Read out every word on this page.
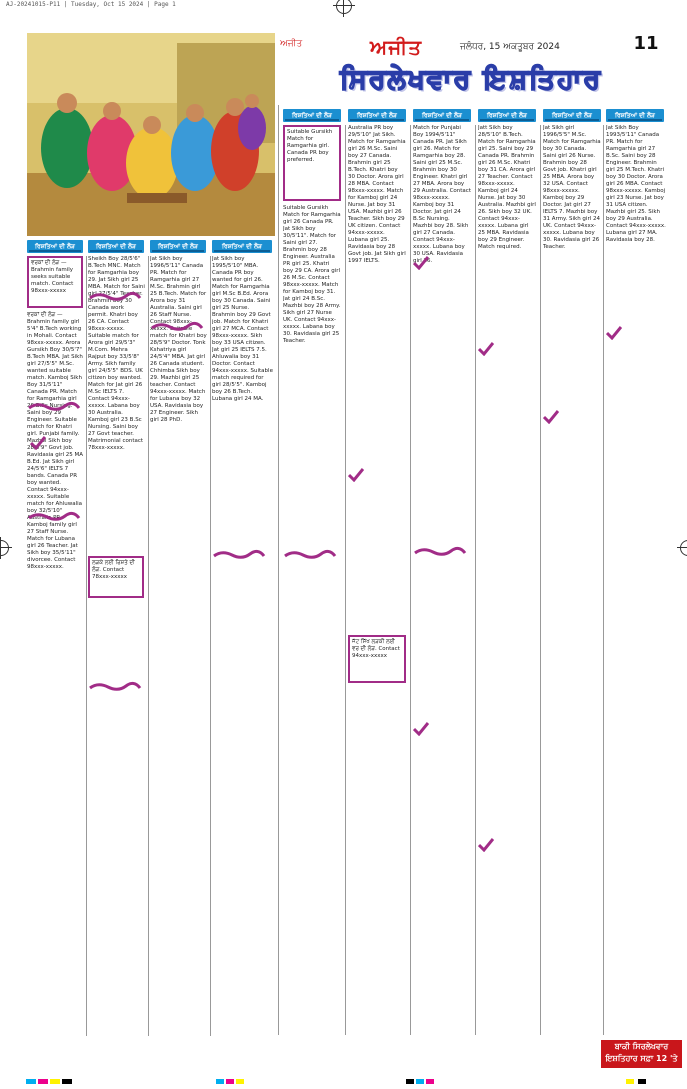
AJ-20241015-P11 | Tuesday, Oct 15 2024 | Page 1
ਅਜੀਤ	ਅਜੀਤ	ਜਲੰਧਰ, 15 ਅਕਤੂਬਰ 2024	11
ਸਿਰਲੇਖਵਾਰ ਇਸ਼ਤਿਹਾਰ
ਰਿਸ਼ਤਿਆਂ ਦੀ ਲੋੜ	ਰਿਸ਼ਤਿਆਂ ਦੀ ਲੋੜ	ਰਿਸ਼ਤਿਆਂ ਦੀ ਲੋੜ	ਰਿਸ਼ਤਿਆਂ ਦੀ ਲੋੜ	ਰਿਸ਼ਤਿਆਂ ਦੀ ਲੋੜ	ਰਿਸ਼ਤਿਆਂ ਦੀ ਲੋੜ
ਰਿਸ਼ਤਿਆਂ ਦੀ ਲੋੜ	ਰਿਸ਼ਤਿਆਂ ਦੀ ਲੋੜ	ਰਿਸ਼ਤਿਆਂ ਦੀ ਲੋੜ	ਰਿਸ਼ਤਿਆਂ ਦੀ ਲੋੜ
ਵਰਕਾਂ ਦੀ ਲੋੜ — Brahmin family seeks suitable match. Contact 98xxx-xxxxx
ਵਰਕਾਂ ਦੀ ਲੋੜ — Brahmin family girl 5'4" B.Tech working in Mohali. Contact 98xxx-xxxxx. Arora Gursikh Boy 30/5'7" B.Tech MBA. Jat Sikh girl 27/5'5" M.Sc. wanted suitable match. Kamboj Sikh Boy 31/5'11" Canada PR. Match for Ramgarhia girl 26 B.Sc Nursing. Saini boy 29 Engineer. Suitable match for Khatri girl. Punjabi family. Mazhbi Sikh boy 28/5'9" Govt job. Ravidasia girl 25 MA B.Ed. Jat Sikh girl 24/5'6" IELTS 7 bands. Canada PR boy wanted. Contact 94xxx-xxxxx. Suitable match for Ahluwalia boy 32/5'10" Australia PR. Kamboj family girl 27 Staff Nurse. Match for Lubana girl 26 Teacher. Jat Sikh boy 35/5'11" divorcee. Contact 98xxx-xxxxx.
Sheikh Boy 28/5'6" B.Tech MNC. Match for Ramgarhia boy 29. Jat Sikh girl 25 MBA. Match for Saini girl 27/5'4" Teacher. Brahmin boy 30 Canada work permit. Khatri boy 26 CA. Contact 98xxx-xxxxx. Suitable match for Arora girl 29/5'3" M.Com. Mehra Rajput boy 33/5'8" Army. Sikh family girl 24/5'5" BDS. UK citizen boy wanted. Match for Jat girl 26 M.Sc IELTS 7. Contact 94xxx-xxxxx. Labana boy 30 Australia. Kamboj girl 23 B.Sc Nursing. Saini boy 27 Govt teacher. Matrimonial contact 78xxx-xxxxx.
Jat Sikh boy 1996/5'11" Canada PR. Match for Ramgarhia girl 27 M.Sc. Brahmin girl 25 B.Tech. Match for Arora boy 31 Australia. Saini girl 26 Staff Nurse. Contact 98xxx-xxxxx. Suitable match for Khatri boy 28/5'9" Doctor. Tonk Kshatriya girl 24/5'4" MBA. Jat girl 26 Canada student. Chhimba Sikh boy 29. Mazhbi girl 25 teacher. Contact 94xxx-xxxxx. Match for Lubana boy 32 USA. Ravidasia boy 27 Engineer. Sikh girl 28 PhD.
Jat Sikh boy 1995/5'10" MBA. Canada PR boy wanted for girl 26. Match for Ramgarhia girl M.Sc B.Ed. Arora boy 30 Canada. Saini girl 25 Nurse. Brahmin boy 29 Govt job. Match for Khatri girl 27 MCA. Contact 98xxx-xxxxx. Sikh boy 33 USA citizen. Jat girl 25 IELTS 7.5. Ahluwalia boy 31 Doctor. Contact 94xxx-xxxxx. Suitable match required for girl 28/5'5". Kamboj boy 26 B.Tech. Lubana girl 24 MA.
Suitable Gursikh Match for Ramgarhia girl. Canada PR boy preferred.
Suitable Gursikh Match for Ramgarhia girl 26 Canada PR. Jat Sikh boy 30/5'11". Match for Saini girl 27. Brahmin boy 28 Engineer. Australia PR girl 25. Khatri boy 29 CA. Arora girl 26 M.Sc. Contact 98xxx-xxxxx. Match for Kamboj boy 31. Jat girl 24 B.Sc. Mazhbi boy 28 Army. Sikh girl 27 Nurse UK. Contact 94xxx-xxxxx. Labana boy 30. Ravidasia girl 25 Teacher.
Australia PR boy 29/5'10" Jat Sikh. Match for Ramgarhia girl 26 M.Sc. Saini boy 27 Canada. Brahmin girl 25 B.Tech. Khatri boy 30 Doctor. Arora girl 28 MBA. Contact 98xxx-xxxxx. Match for Kamboj girl 24 Nurse. Jat boy 31 USA. Mazhbi girl 26 Teacher. Sikh boy 29 UK citizen. Contact 94xxx-xxxxx. Lubana girl 25. Ravidasia boy 28 Govt job. Jat Sikh girl 1997 IELTS.
ਜੱਟ ਸਿੱਖ ਲੜਕੀ ਲਈ ਵਰ ਦੀ ਲੋੜ. Contact 94xxx-xxxxx
Match for Punjabi Boy 1994/5'11" Canada PR. Jat Sikh girl 26. Match for Ramgarhia boy 28. Saini girl 25 M.Sc. Brahmin boy 30 Engineer. Khatri girl 27 MBA. Arora boy 29 Australia. Contact 98xxx-xxxxx. Kamboj boy 31 Doctor. Jat girl 24 B.Sc Nursing. Mazhbi boy 28. Sikh girl 27 Canada. Contact 94xxx-xxxxx. Lubana boy 30 USA. Ravidasia girl 26.
Jatt Sikh boy 28/5'10" B.Tech. Match for Ramgarhia girl 25. Saini boy 29 Canada PR. Brahmin girl 26 M.Sc. Khatri boy 31 CA. Arora girl 27 Teacher. Contact 98xxx-xxxxx. Kamboj girl 24 Nurse. Jat boy 30 Australia. Mazhbi girl 26. Sikh boy 32 UK. Contact 94xxx-xxxxx. Lubana girl 25 MBA. Ravidasia boy 29 Engineer. Match required.
Jat Sikh girl 1996/5'5" M.Sc. Match for Ramgarhia boy 30 Canada. Saini girl 26 Nurse. Brahmin boy 28 Govt job. Khatri girl 25 MBA. Arora boy 32 USA. Contact 98xxx-xxxxx. Kamboj boy 29 Doctor. Jat girl 27 IELTS 7. Mazhbi boy 31 Army. Sikh girl 24 UK. Contact 94xxx-xxxxx. Lubana boy 30. Ravidasia girl 26 Teacher.
Jat Sikh Boy 1993/5'11" Canada PR. Match for Ramgarhia girl 27 B.Sc. Saini boy 28 Engineer. Brahmin girl 25 M.Tech. Khatri boy 30 Doctor. Arora girl 26 MBA. Contact 98xxx-xxxxx. Kamboj girl 23 Nurse. Jat boy 31 USA citizen. Mazhbi girl 25. Sikh boy 29 Australia. Contact 94xxx-xxxxx. Lubana girl 27 MA. Ravidasia boy 28.
ਲੜਕੇ ਲਈ ਰਿਸ਼ਤੇ ਦੀ ਲੋੜ. Contact 78xxx-xxxxx
ਬਾਕੀ ਸਿਰਲੇਖਵਾਰ
ਇਸ਼ਤਿਹਾਰ ਸਫ਼ਾ 12 'ਤੇ
